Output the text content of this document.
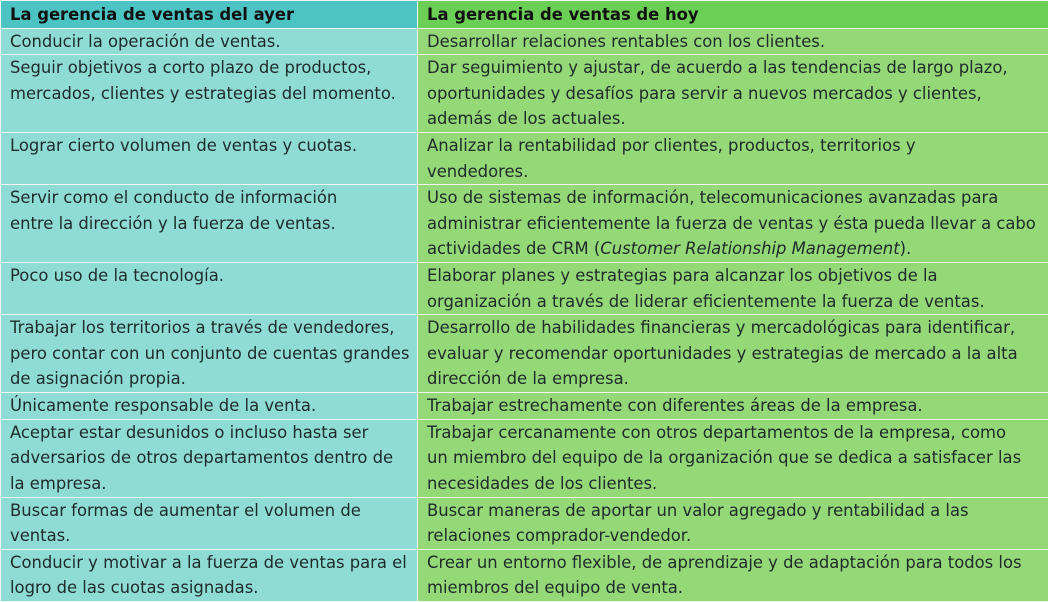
La gerencia de ventas del ayer	La gerencia de ventas de hoy
Conducir la operación de ventas.	Desarrollar relaciones rentables con los clientes.
Seguir objetivos a corto plazo de productos, mercados, clientes y estrategias del momento.	Dar seguimiento y ajustar, de acuerdo a las tendencias de largo plazo, oportunidades y desafíos para servir a nuevos mercados y clientes, además de los actuales.
Lograr cierto volumen de ventas y cuotas.	Analizar la rentabilidad por clientes, productos, territorios y vendedores.
Servir como el conducto de información entre la dirección y la fuerza de ventas.	Uso de sistemas de información, telecomunicaciones avanzadas para administrar eficientemente la fuerza de ventas y ésta pueda llevar a cabo actividades de CRM (Customer Relationship Management).
Poco uso de la tecnología.	Elaborar planes y estrategias para alcanzar los objetivos de la organización a través de liderar eficientemente la fuerza de ventas.
Trabajar los territorios a través de vendedores, pero contar con un conjunto de cuentas grandes de asignación propia.	Desarrollo de habilidades financieras y mercadológicas para identificar, evaluar y recomendar oportunidades y estrategias de mercado a la alta dirección de la empresa.
Únicamente responsable de la venta.	Trabajar estrechamente con diferentes áreas de la empresa.
Aceptar estar desunidos o incluso hasta ser adversarios de otros departamentos dentro de la empresa.	Trabajar cercanamente con otros departamentos de la empresa, como un miembro del equipo de la organización que se dedica a satisfacer las necesidades de los clientes.
Buscar formas de aumentar el volumen de ventas.	Buscar maneras de aportar un valor agregado y rentabilidad a las relaciones comprador-vendedor.
Conducir y motivar a la fuerza de ventas para el logro de las cuotas asignadas.	Crear un entorno flexible, de aprendizaje y de adaptación para todos los miembros del equipo de venta.
